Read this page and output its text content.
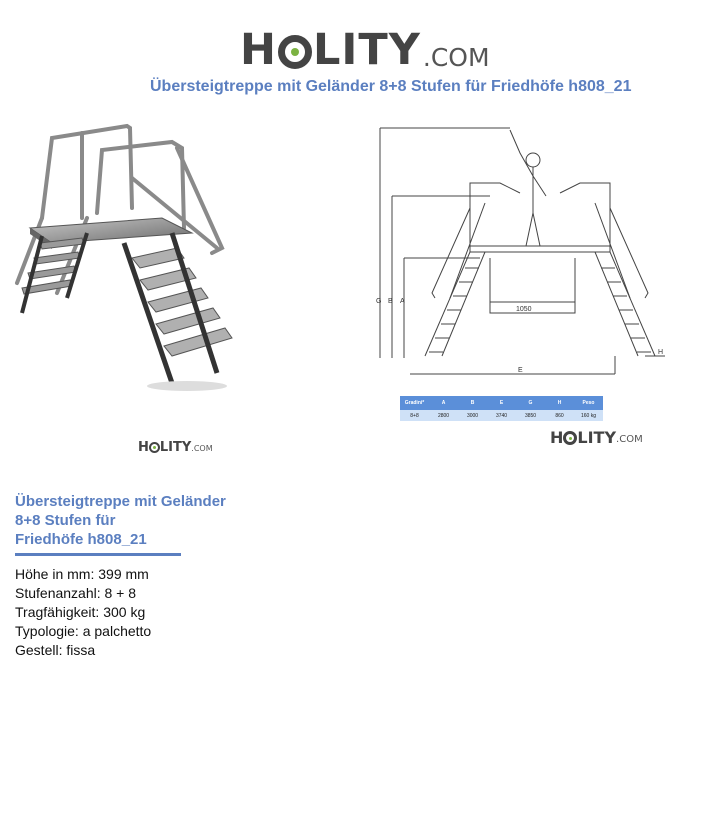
H LITY .COM
Übersteigtreppe mit Geländer 8+8 Stufen für Friedhöfe h808_21
G B A
1050
E
H
Gradini*	A	B	E	G	H	Peso
8+8	2800	3000	3740	3850	860	160 kg
H LITY .COM
H LITY .COM
Übersteigtreppe mit Geländer
8+8 Stufen für
Friedhöfe h808_21
Höhe in mm: 399 mm
Stufenanzahl: 8 + 8
Tragfähigkeit: 300 kg
Typologie: a palchetto
Gestell: fissa
